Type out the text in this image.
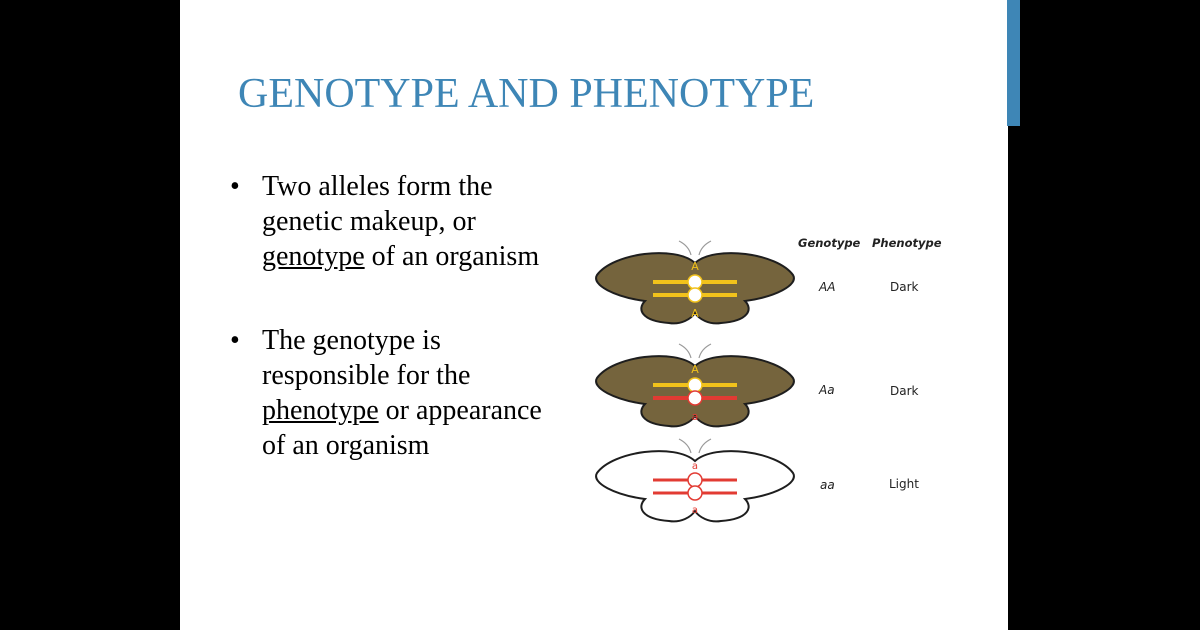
GENOTYPE AND PHENOTYPE
• Two alleles form the genetic makeup, or genotype of an organism
• The genotype is responsible for the phenotype or appearance of an organism
Genotype Phenotype
A
A
AA	Dark
A
a
Aa	Dark
a
a
aa	Light
